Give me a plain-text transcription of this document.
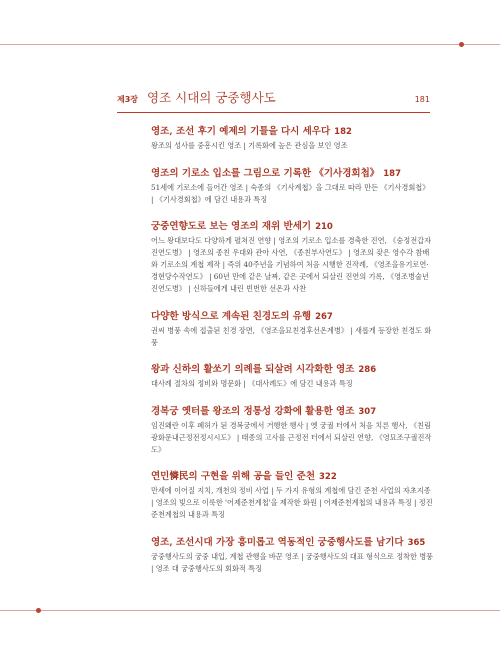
제3장 영조 시대의 궁중행사도	181
영조, 조선 후기 예제의 기틀을 다시 세우다 182
왕조의 성사를 중흥시킨 영조 | 기록화에 높은 관심을 보인 영조
영조의 기로소 입소를 그림으로 기록한 《기사경회첩》 187
51세에 기로소에 들어간 영조 | 숙종의 《기사계첩》을 그대로 따라 만든 《기사경회첩》 | 《기사경회첩》에 담긴 내용과 특징
궁중연향도로 보는 영조의 재위 반세기 210
어느 왕대보다도 다양하게 펼쳐진 연향 | 영조의 기로소 입소를 경축한 진연, 《숭정전갑자진연도병》 | 영조의 종친 우대와 관아 사연, 《종친부사연도》 | 영조의 잦은 영수각 참배와 기로소의 계첩 제작 | 즉위 40주년을 기념하여 처음 시행한 진작례, 《영조을유기로연·경현당수작연도》 | 60년 만에 같은 날짜, 같은 곳에서 되살린 진연의 기록, 《영조병술년진연도병》 | 신하들에게 내린 빈번한 선온과 사찬
다양한 방식으로 계속된 친경도의 유행 267
권씨 병풍 속에 접출된 친경 장면, 《영조을묘친경후선온계병》 | 새롭게 등장한 친경도 화풍
왕과 신하의 활쏘기 의례를 되살려 시각화한 영조 286
대사례 절차의 정비와 명문화 | 《대사례도》에 담긴 내용과 특징
경복궁 옛터를 왕조의 정통성 강화에 활용한 영조 307
임진왜란 이후 폐허가 된 경복궁에서 거행한 행사 | 옛 궁궐 터에서 처음 치른 행사, 《친림광화문내근정전정시시도》 | 태종의 고사를 근정전 터에서 되살린 연향, 《영묘조구궐진작도》
연민憐民의 구현을 위해 공을 들인 준천 322
만세에 이어질 지치, 개천의 정비 사업 | 두 가지 유형의 계첩에 담긴 준천 사업의 자초지종 | 영조의 빛으로 이룩한 '어제준천계첩'을 제작한 화원 | 어제준천계첩의 내용과 특징 | 정진준천계첩의 내용과 특징
영조, 조선시대 가장 흥미롭고 역동적인 궁중행사도를 남기다 365
궁중행사도의 궁중 내입, 계첩 관행을 바꾼 영조 | 궁중행사도의 대표 형식으로 정착한 병풍 | 영조 대 궁중행사도의 회화적 특징
